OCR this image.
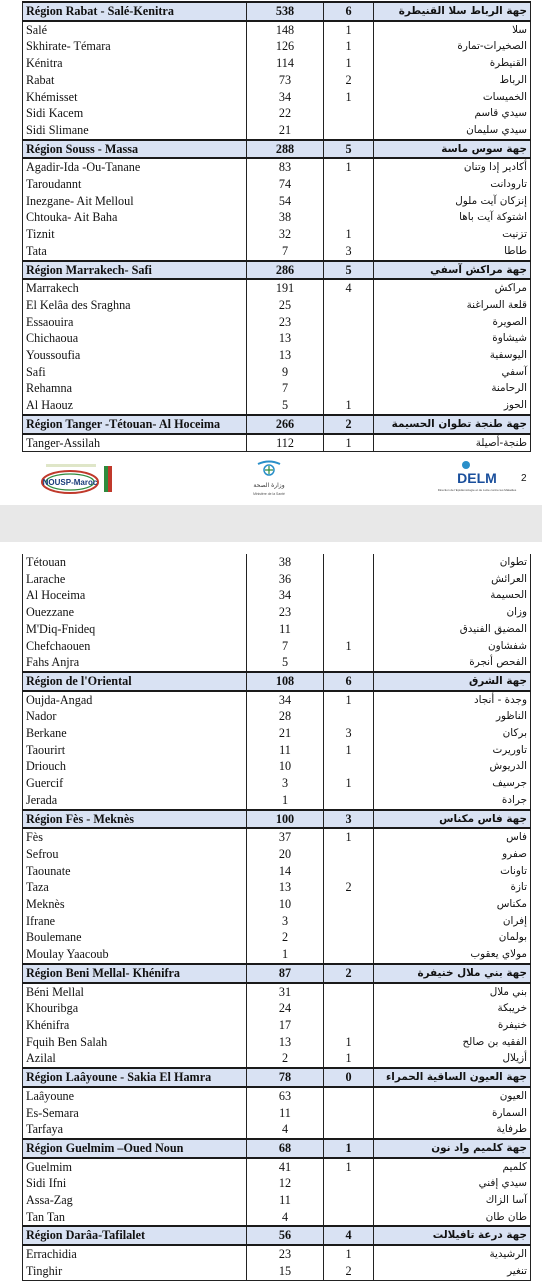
Région Rabat - Salé-Kenitra	538	6	جهة الرباط سلا القنيطرة
Salé	148	1	سلا
Skhirate- Témara	126	1	الصخيرات-تمارة
Kénitra	114	1	القنيطرة
Rabat	73	2	الرباط
Khémisset	34	1	الخميسات
Sidi Kacem	22		سيدي قاسم
Sidi Slimane	21		سيدي سليمان
Région Souss - Massa	288	5	جهة سوس ماسة
Agadir-Ida -Ou-Tanane	83	1	أكادير إدا وتنان
Taroudannt	74		تارودانت
Inezgane- Ait Melloul	54		إنزكان آيت ملول
Chtouka- Ait Baha	38		اشتوكة آيت باها
Tiznit	32	1	تزنيت
Tata	7	3	طاطا
Région Marrakech- Safi	286	5	جهة مراكش آسفي
Marrakech	191	4	مراكش
El Kelâa des Sraghna	25		قلعة السراغنة
Essaouira	23		الصويرة
Chichaoua	13		شيشاوة
Youssoufia	13		اليوسفية
Safi	9		آسفي
Rehamna	7		الرحامنة
Al Haouz	5	1	الحوز
Région Tanger -Tétouan- Al Hoceima	266	2	جهة طنجة تطوان الحسيمة
Tanger-Assilah	112	1	طنجة-أصيلة
NOUSP-Maroc	وزارة الصحة
Ministère de la Santé
DELM
Direction de l'Epidémiologie et de Lutte contre les Maladies
2
Tétouan	38		تطوان
Larache	36		العرائش
Al Hoceima	34		الحسيمة
Ouezzane	23		وزان
M'Diq-Fnideq	11		المضيق الفنيدق
Chefchaouen	7	1	شفشاون
Fahs Anjra	5		الفحص أنجرة
Région de l'Oriental	108	6	جهة الشرق
Oujda-Angad	34	1	وجدة - أنجاد
Nador	28		الناظور
Berkane	21	3	بركان
Taourirt	11	1	تاوريرت
Driouch	10		الدريوش
Guercif	3	1	جرسيف
Jerada	1		جرادة
Région Fès - Meknès	100	3	جهة فاس مكناس
Fès	37	1	فاس
Sefrou	20		صفرو
Taounate	14		تاونات
Taza	13	2	تازة
Meknès	10		مكناس
Ifrane	3		إفران
Boulemane	2		بولمان
Moulay Yaacoub	1		مولاي يعقوب
Région Beni Mellal- Khénifra	87	2	جهة بني ملال خنيفرة
Béni Mellal	31		بني ملال
Khouribga	24		خريبكة
Khénifra	17		خنيفرة
Fquih Ben Salah	13	1	الفقيه بن صالح
Azilal	2	1	أزيلال
Région Laâyoune - Sakia El Hamra	78	0	جهة العيون الساقية الحمراء
Laâyoune	63		العيون
Es-Semara	11		السمارة
Tarfaya	4		طرفاية
Région Guelmim –Oued Noun	68	1	جهة كلميم واد نون
Guelmim	41	1	كلميم
Sidi Ifni	12		سيدي إفني
Assa-Zag	11		آسا الزاك
Tan Tan	4		طان طان
Région Darâa-Tafilalet	56	4	جهة درعة تافيلالت
Errachidia	23	1	الرشيدية
Tinghir	15	2	تنغير
